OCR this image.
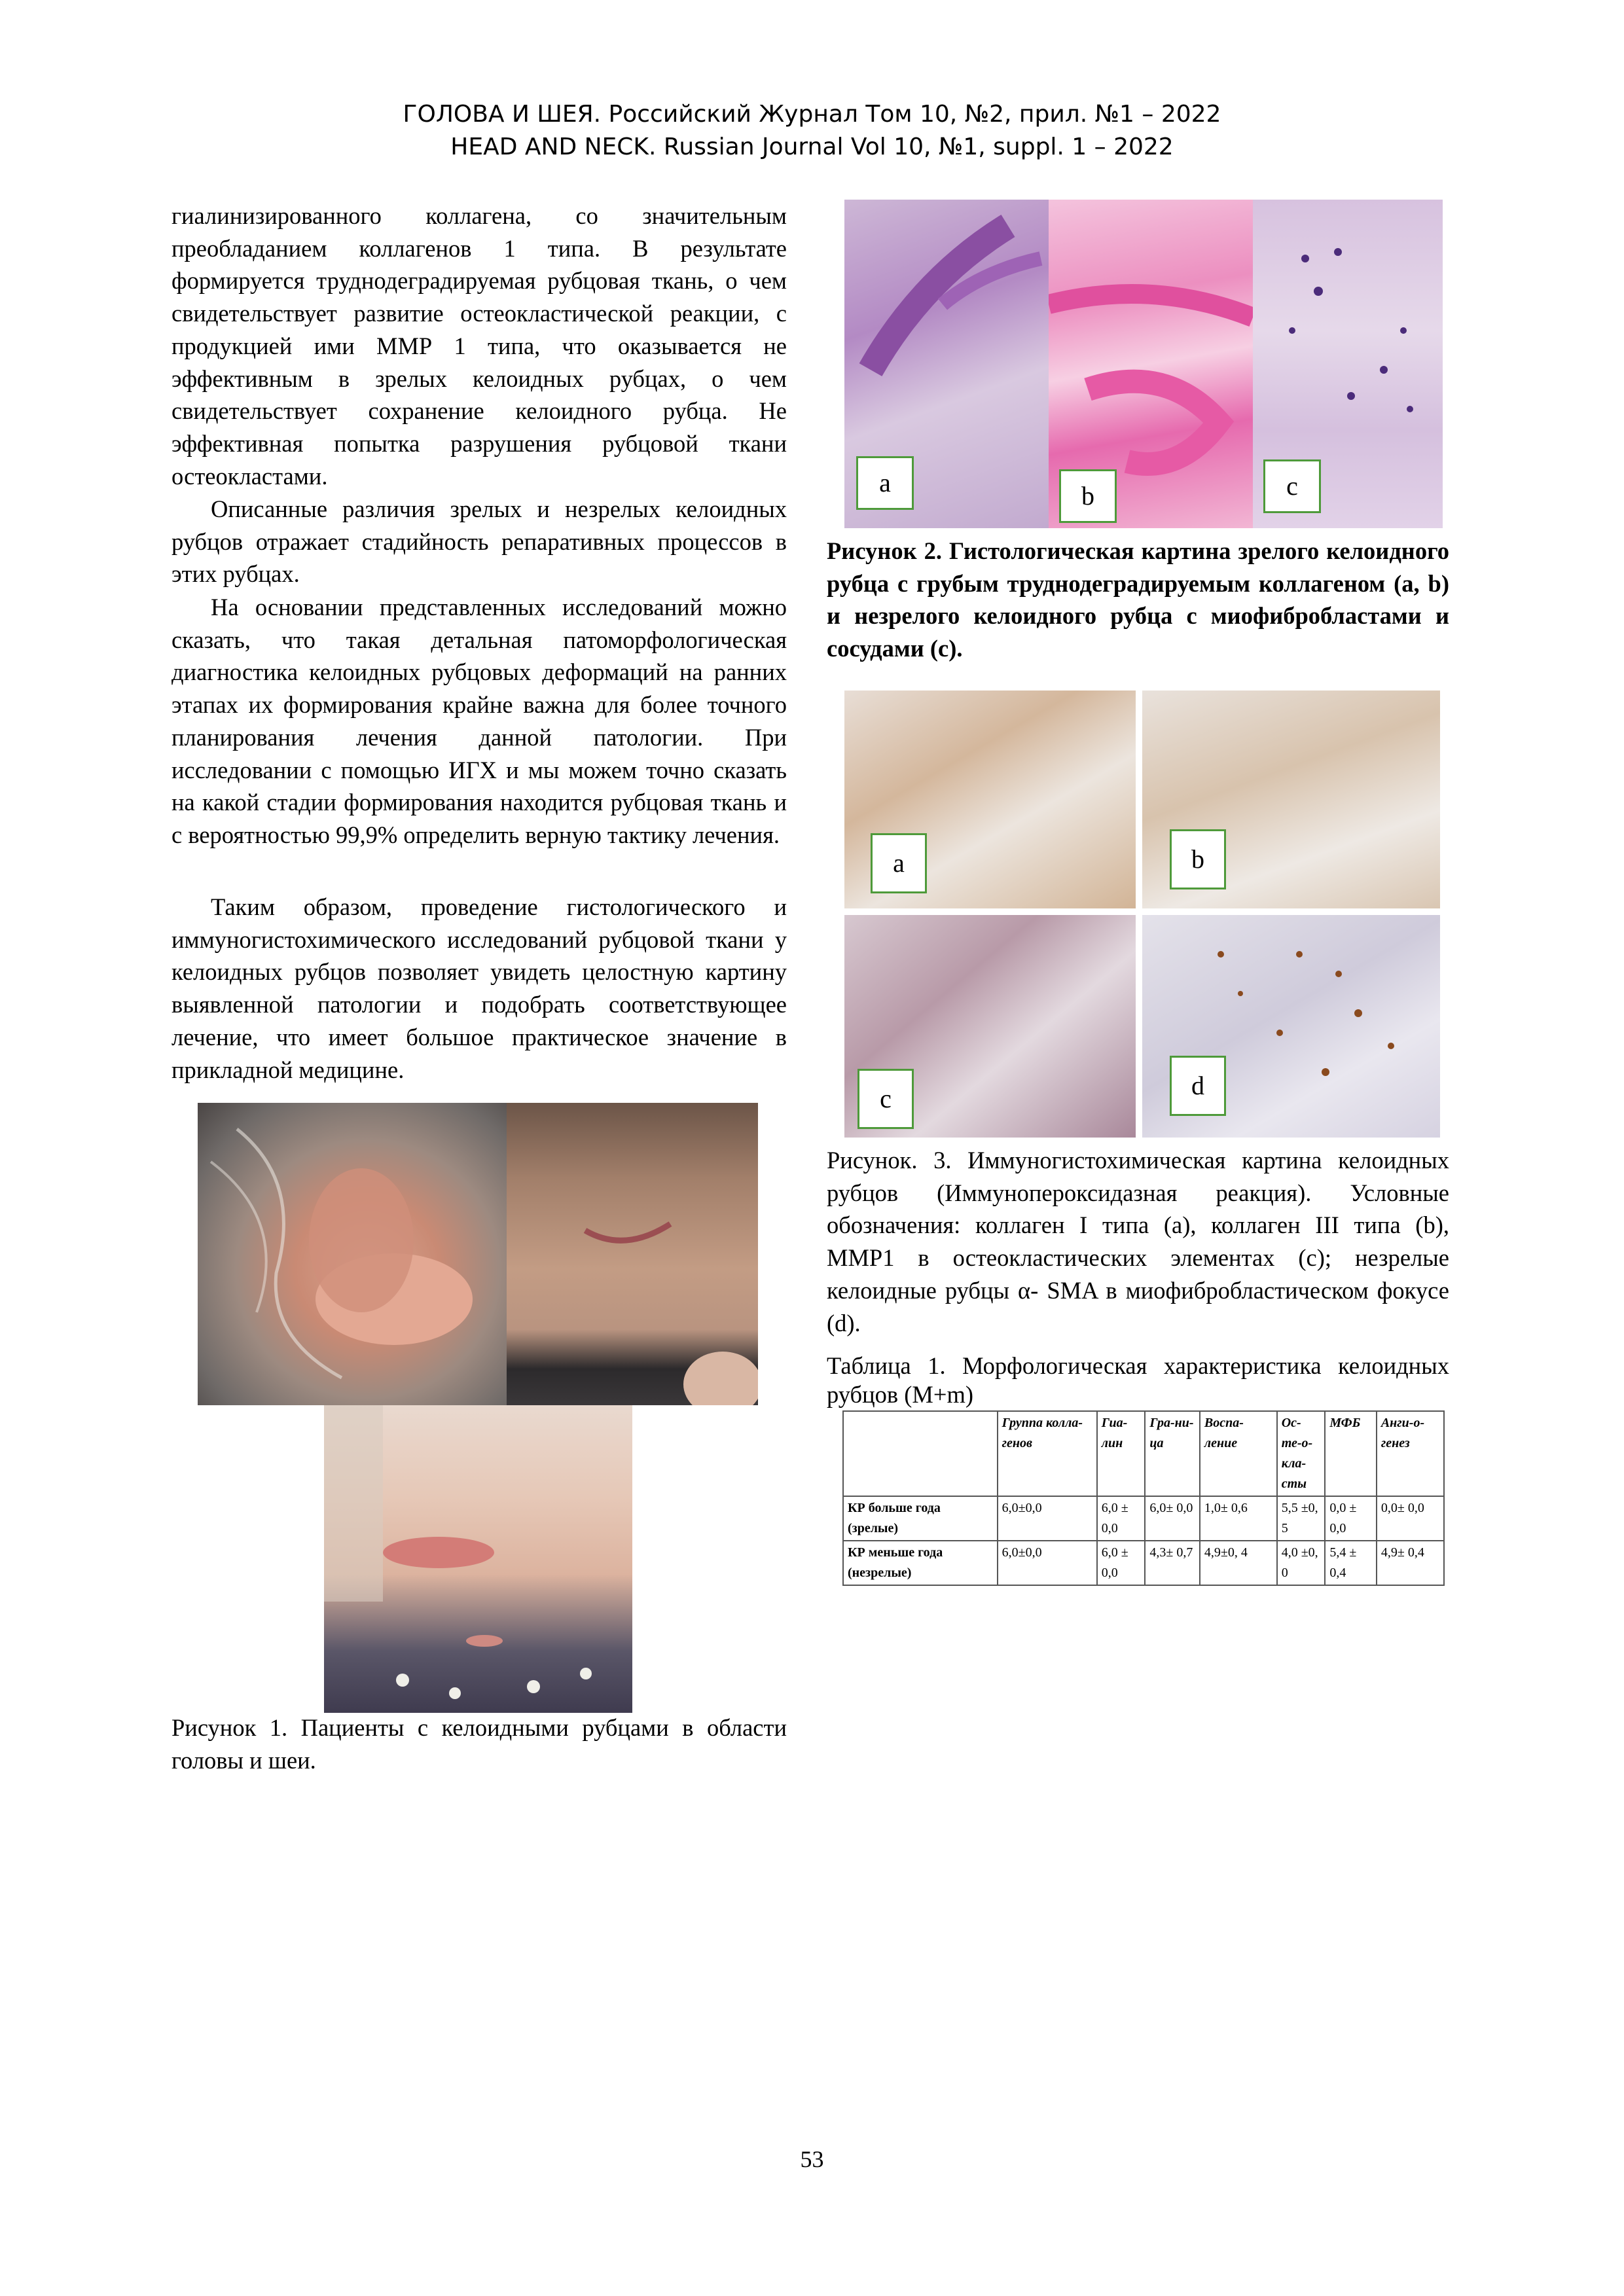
ГОЛОВА И ШЕЯ. Российский Журнал Том 10, №2, прил. №1 – 2022
HEAD AND NECK. Russian Journal Vol 10, №1, suppl. 1 – 2022

гиалинизированного коллагена, со значительным преобладанием коллагенов 1 типа. В результате формируется труднодеградируемая рубцовая ткань, о чем свидетельствует развитие остеокластической реакции, с продукцией ими ММР 1 типа, что оказывается не эффективным в зрелых келоидных рубцах, о чем свидетельствует сохранение келоидного рубца. Не эффективная попытка разрушения рубцовой ткани остеокластами.

Описанные различия зрелых и незрелых келоидных рубцов отражает стадийность репаративных процессов в этих рубцах.

На основании представленных исследований можно сказать, что такая детальная патоморфологическая диагностика келоидных рубцовых деформаций на ранних этапах их формирования крайне важна для более точного планирования лечения данной патологии. При исследовании с помощью ИГХ и мы можем точно сказать на какой стадии формирования находится рубцовая ткань и с вероятностью 99,9% определить верную тактику лечения.

Таким образом, проведение гистологического и иммуногистохимического исследований рубцовой ткани у келоидных рубцов позволяет увидеть целостную картину выявленной патологии и подобрать соответствующее лечение, что имеет большое практическое значение в прикладной медицине.

Рисунок 1. Пациенты с келоидными рубцами в области головы и шеи.

a	b	c

Рисунок 2. Гистологическая картина зрелого келоидного рубца с грубым труднодеградируемым коллагеном (a, b) и незрелого келоидного рубца с миофибробластами и сосудами (c).

a	b
c	d

Рисунок. 3. Иммуногистохимическая картина келоидных рубцов (Иммунопероксидазная реакция). Условные обозначения: коллаген I типа (а), коллаген III типа (b), MMP1 в остеокластических элементах (с); незрелые келоидные рубцы α- SMA в миофибробластическом фокусе (d).

Таблица 1. Морфологическая характеристика келоидных рубцов (M+m)

	Группа колла-генов	Гиа-лин	Гра-ни-ца	Воспа-ление	Ос-те-о-кла-сты	МФБ	Анги-о-генез
КР больше года (зрелые)	6,0±0,0	6,0 ± 0,0	6,0± 0,0	1,0± 0,6	5,5 ±0, 5	0,0 ± 0,0	0,0± 0,0
КР меньше года (незрелые)	6,0±0,0	6,0 ± 0,0	4,3± 0,7	4,9±0, 4	4,0 ±0, 0	5,4 ± 0,4	4,9± 0,4
53
